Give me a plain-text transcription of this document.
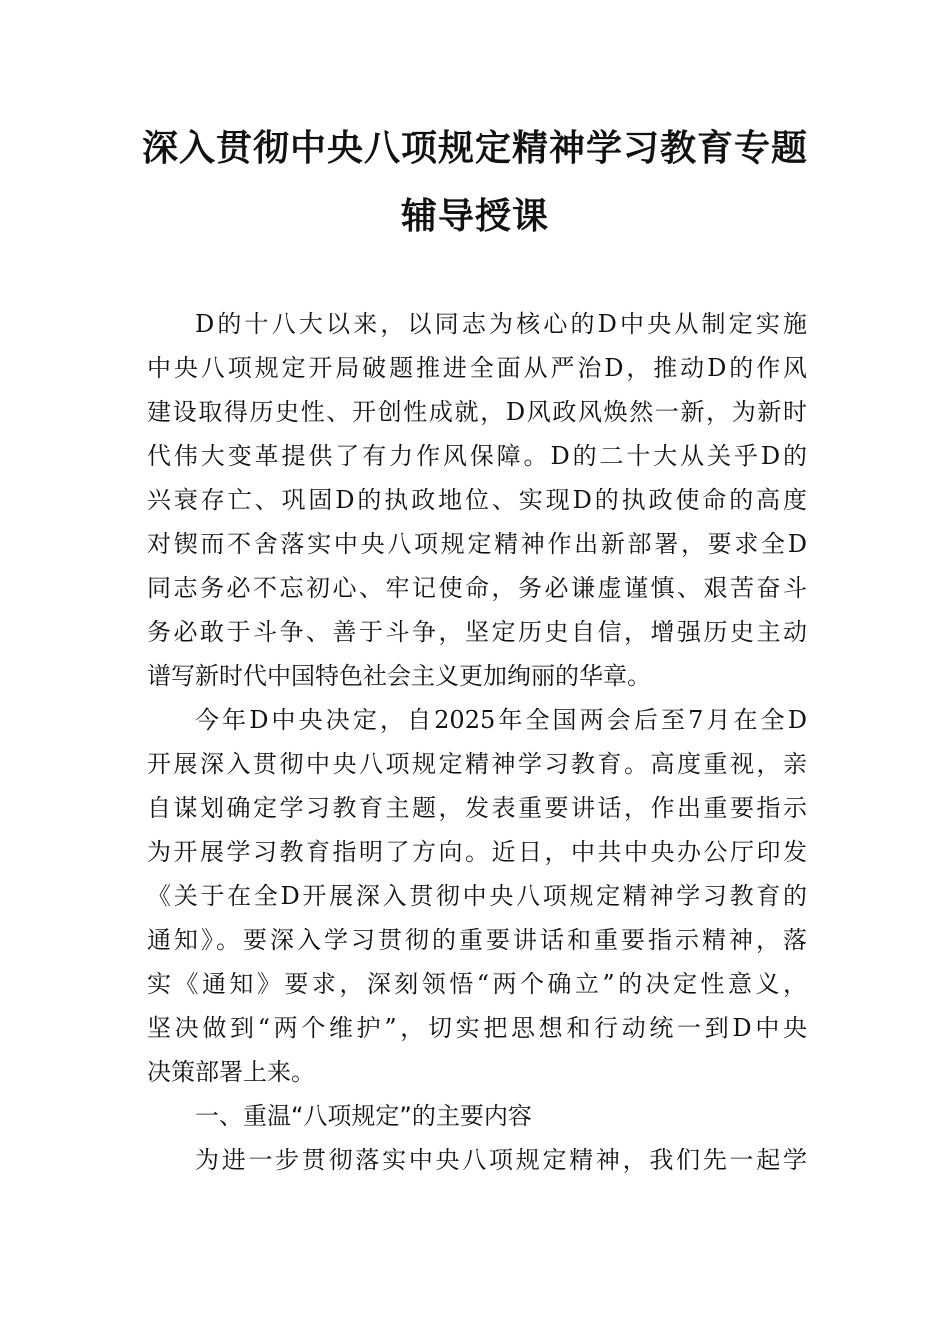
深入贯彻中央八项规定精神学习教育专题
辅导授课

D的十八大以来，以同志为核心的D中央从制定实施

中央八项规定开局破题推进全面从严治D，推动D的作风

建设取得历史性、开创性成就，D风政风焕然一新，为新时

代伟大变革提供了有力作风保障。D的二十大从关乎D的

兴衰存亡、巩固D的执政地位、实现D的执政使命的高度

对锲而不舍落实中央八项规定精神作出新部署，要求全D

同志务必不忘初心、牢记使命，务必谦虚谨慎、艰苦奋斗

务必敢于斗争、善于斗争，坚定历史自信，增强历史主动

谱写新时代中国特色社会主义更加绚丽的华章。

今年D中央决定，自2025年全国两会后至7月在全D

开展深入贯彻中央八项规定精神学习教育。高度重视，亲

自谋划确定学习教育主题，发表重要讲话，作出重要指示

为开展学习教育指明了方向。近日，中共中央办公厅印发

《关于在全D开展深入贯彻中央八项规定精神学习教育的

通知》。要深入学习贯彻的重要讲话和重要指示精神，落

实《通知》要求，深刻领悟“两个确立”的决定性意义，

坚决做到“两个维护”，切实把思想和行动统一到D中央

决策部署上来。

一、重温“八项规定”的主要内容

为进一步贯彻落实中央八项规定精神，我们先一起学
